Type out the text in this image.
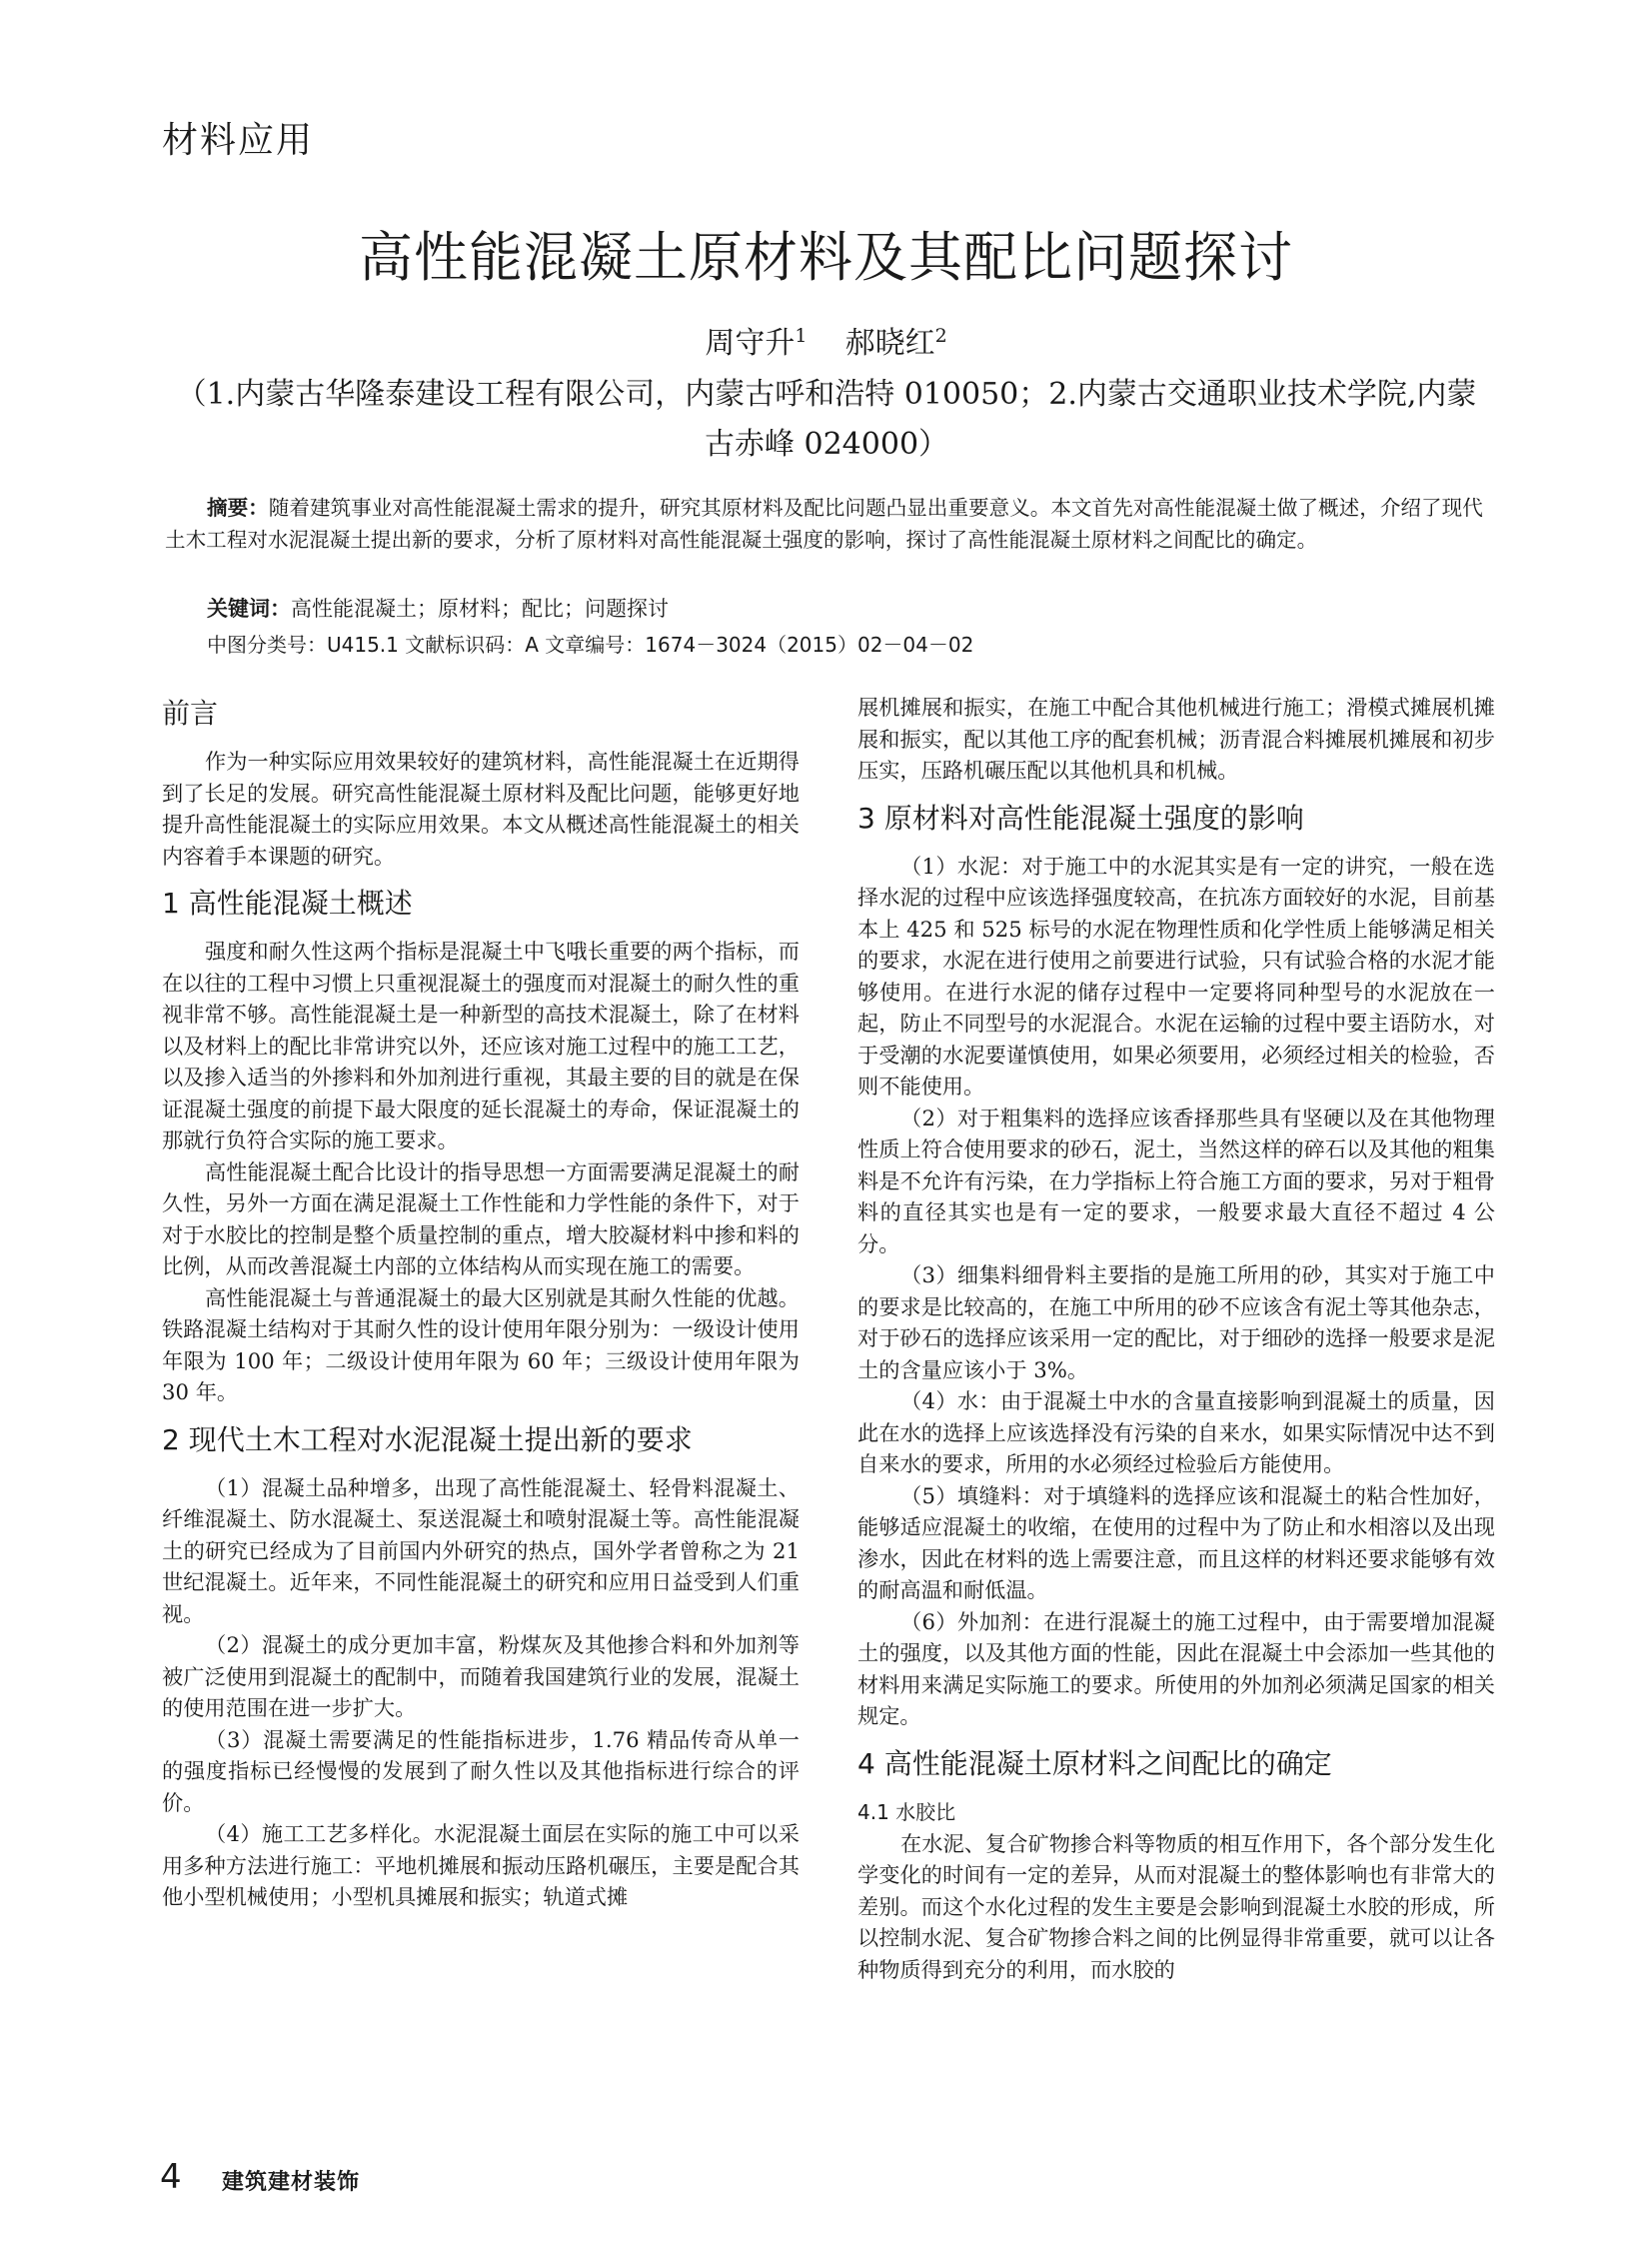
材料应用
高性能混凝土原材料及其配比问题探讨
周守升$^1$ 郝晓红$^2$
（1.内蒙古华隆泰建设工程有限公司，内蒙古呼和浩特 010050；2.内蒙古交通职业技术学院,内蒙古赤峰 024000）

摘要：随着建筑事业对高性能混凝土需求的提升，研究其原材料及配比问题凸显出重要意义。本文首先对高性能混凝土做了概述，介绍了现代土木工程对水泥混凝土提出新的要求，分析了原材料对高性能混凝土强度的影响，探讨了高性能混凝土原材料之间配比的确定。

关键词：高性能混凝土；原材料；配比；问题探讨
中图分类号：U415.1 文献标识码：A 文章编号：1674－3024（2015）02－04－02
前言

作为一种实际应用效果较好的建筑材料，高性能混凝土在近期得到了长足的发展。研究高性能混凝土原材料及配比问题，能够更好地提升高性能混凝土的实际应用效果。本文从概述高性能混凝土的相关内容着手本课题的研究。

1 高性能混凝土概述

强度和耐久性这两个指标是混凝土中飞哦长重要的两个指标，而在以往的工程中习惯上只重视混凝土的强度而对混凝土的耐久性的重视非常不够。高性能混凝土是一种新型的高技术混凝土，除了在材料以及材料上的配比非常讲究以外，还应该对施工过程中的施工工艺，以及掺入适当的外掺料和外加剂进行重视，其最主要的目的就是在保证混凝土强度的前提下最大限度的延长混凝土的寿命，保证混凝土的那就行负符合实际的施工要求。

高性能混凝土配合比设计的指导思想一方面需要满足混凝土的耐久性，另外一方面在满足混凝土工作性能和力学性能的条件下，对于对于水胶比的控制是整个质量控制的重点，增大胶凝材料中掺和料的比例，从而改善混凝土内部的立体结构从而实现在施工的需要。

高性能混凝土与普通混凝土的最大区别就是其耐久性能的优越。铁路混凝土结构对于其耐久性的设计使用年限分别为：一级设计使用年限为 100 年；二级设计使用年限为 60 年；三级设计使用年限为 30 年。

2 现代土木工程对水泥混凝土提出新的要求

（1）混凝土品种增多，出现了高性能混凝土、轻骨料混凝土、纤维混凝土、防水混凝土、泵送混凝土和喷射混凝土等。高性能混凝土的研究已经成为了目前国内外研究的热点，国外学者曾称之为 21 世纪混凝土。近年来，不同性能混凝土的研究和应用日益受到人们重视。

（2）混凝土的成分更加丰富，粉煤灰及其他掺合料和外加剂等被广泛使用到混凝土的配制中，而随着我国建筑行业的发展，混凝土的使用范围在进一步扩大。

（3）混凝土需要满足的性能指标进步，1.76 精品传奇从单一的强度指标已经慢慢的发展到了耐久性以及其他指标进行综合的评价。

（4）施工工艺多样化。水泥混凝土面层在实际的施工中可以采用多种方法进行施工：平地机摊展和振动压路机碾压，主要是配合其他小型机械使用；小型机具摊展和振实；轨道式摊

展机摊展和振实，在施工中配合其他机械进行施工；滑模式摊展机摊展和振实，配以其他工序的配套机械；沥青混合料摊展机摊展和初步压实，压路机碾压配以其他机具和机械。

3 原材料对高性能混凝土强度的影响

（1）水泥：对于施工中的水泥其实是有一定的讲究，一般在选择水泥的过程中应该选择强度较高，在抗冻方面较好的水泥，目前基本上 425 和 525 标号的水泥在物理性质和化学性质上能够满足相关的要求，水泥在进行使用之前要进行试验，只有试验合格的水泥才能够使用。在进行水泥的储存过程中一定要将同种型号的水泥放在一起，防止不同型号的水泥混合。水泥在运输的过程中要主语防水，对于受潮的水泥要谨慎使用，如果必须要用，必须经过相关的检验，否则不能使用。

（2）对于粗集料的选择应该香择那些具有坚硬以及在其他物理性质上符合使用要求的砂石，泥土，当然这样的碎石以及其他的粗集料是不允许有污染，在力学指标上符合施工方面的要求，另对于粗骨料的直径其实也是有一定的要求，一般要求最大直径不超过 4 公分。

（3）细集料细骨料主要指的是施工所用的砂，其实对于施工中的要求是比较高的，在施工中所用的砂不应该含有泥土等其他杂志，对于砂石的选择应该采用一定的配比，对于细砂的选择一般要求是泥土的含量应该小于 3%。

（4）水：由于混凝土中水的含量直接影响到混凝土的质量，因此在水的选择上应该选择没有污染的自来水，如果实际情况中达不到自来水的要求，所用的水必须经过检验后方能使用。

（5）填缝料：对于填缝料的选择应该和混凝土的粘合性加好，能够适应混凝土的收缩，在使用的过程中为了防止和水相溶以及出现渗水，因此在材料的选上需要注意，而且这样的材料还要求能够有效的耐高温和耐低温。

（6）外加剂：在进行混凝土的施工过程中，由于需要增加混凝土的强度，以及其他方面的性能，因此在混凝土中会添加一些其他的材料用来满足实际施工的要求。所使用的外加剂必须满足国家的相关规定。

4 高性能混凝土原材料之间配比的确定
4.1 水胶比

在水泥、复合矿物掺合料等物质的相互作用下，各个部分发生化学变化的时间有一定的差异，从而对混凝土的整体影响也有非常大的差别。而这个水化过程的发生主要是会影响到混凝土水胶的形成，所以控制水泥、复合矿物掺合料之间的比例显得非常重要，就可以让各种物质得到充分的利用，而水胶的

4 建筑建材装饰
